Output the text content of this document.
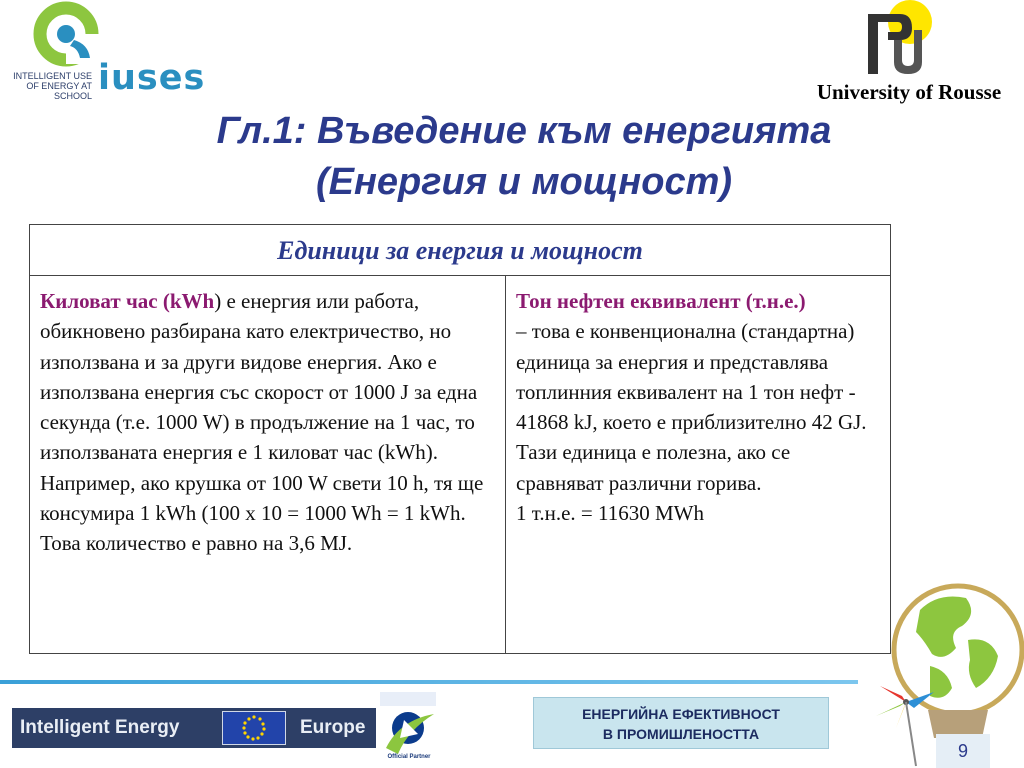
INTELLIGENT USE
OF ENERGY AT SCHOOL iuses	University of Rousse
Гл.1: Въведение към енергията
(Енергия и мощност)
Единици за енергия и мощност
Киловат час (kWh) е енергия или работа, обикновено разбирана като електричество, но използвана и за други видове енергия. Ако е използвана енергия със скорост от 1000 J за една секунда (т.е. 1000 W) в продължение на 1 час, то използваната енергия е 1 киловат час (kWh).
Например, ако крушка от 100 W свети 10 h, тя ще консумира 1 kWh (100 x 10 = 1000 Wh = 1 kWh. Това количество е равно на 3,6 MJ.
Тон нефтен еквивалент (т.н.е.)
– това е конвенционална (стандартна) единица за енергия и представлява топлинния еквивалент на 1 тон нефт - 41868 kJ, което е приблизително 42 GJ. Тази единица е полезна, ако се сравняват различни горива.
1 т.н.е. = 11630 MWh
Intelligent Energy	Europe
Official Partner
ЕНЕРГИЙНА ЕФЕКТИВНОСТ
В ПРОМИШЛЕНОСТТА
9
